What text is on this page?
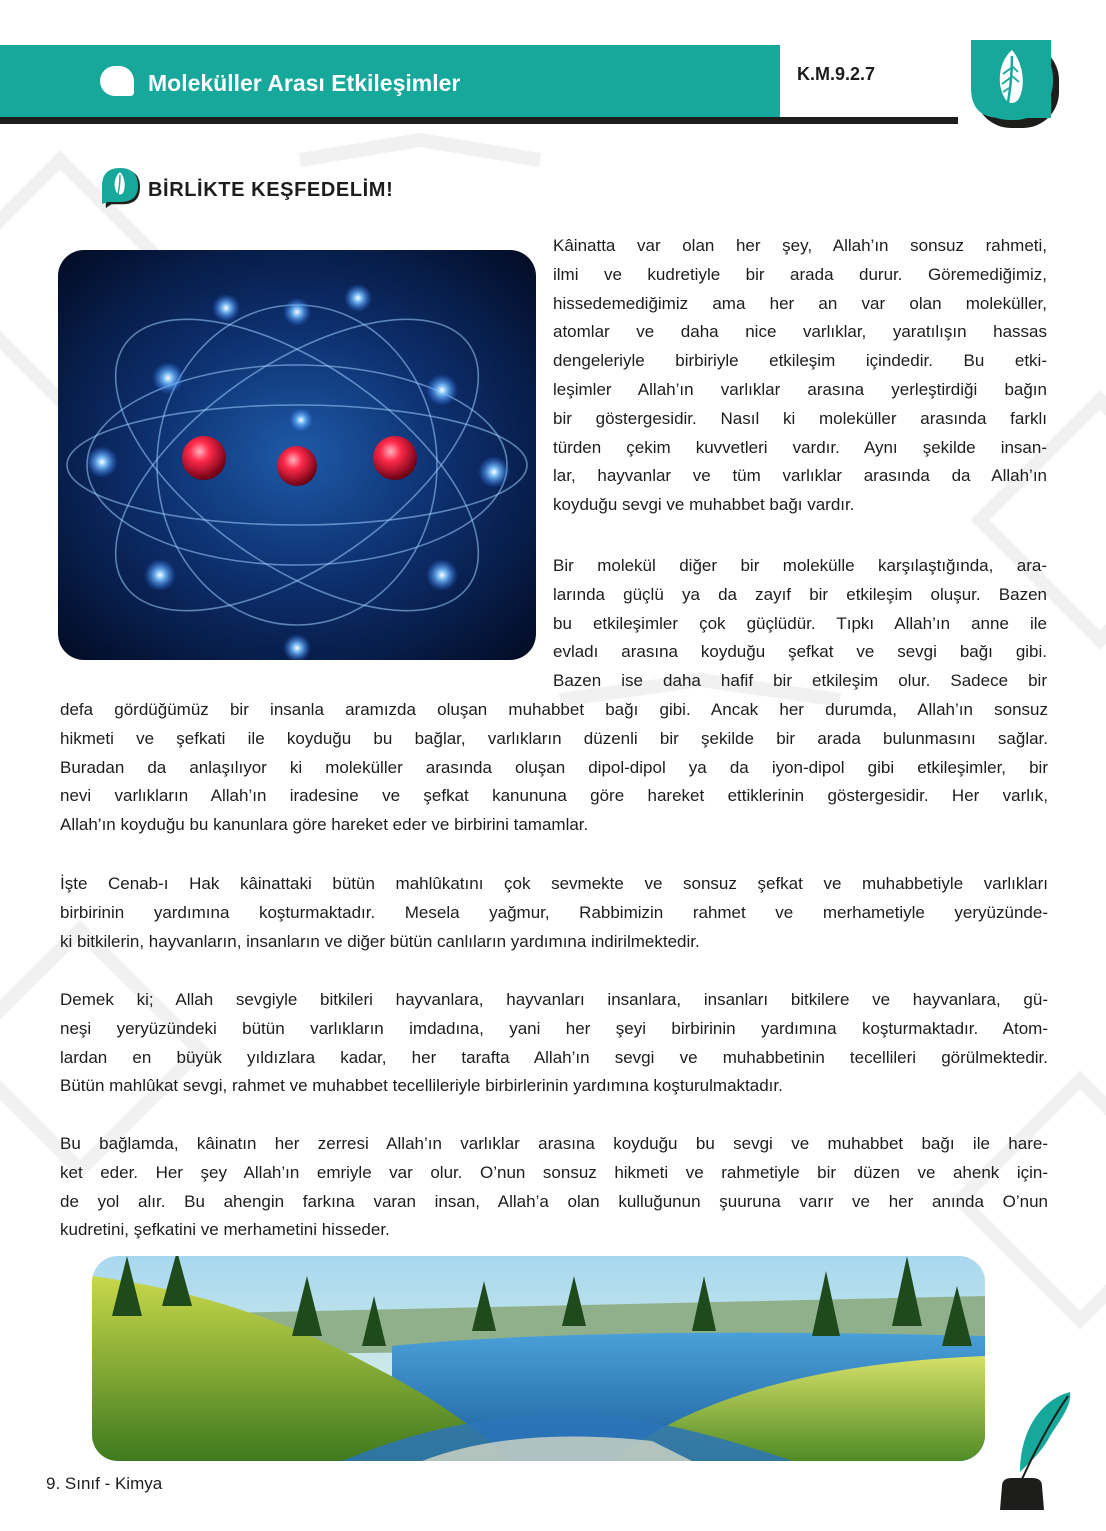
Moleküller Arası Etkileşimler	K.M.9.2.7
BİRLİKTE KEŞFEDELİM!
Kâinatta var olan her şey, Allah’ın sonsuz rahmeti,
ilmi ve kudretiyle bir arada durur. Göremediğimiz,
hissedemediğimiz ama her an var olan moleküller,
atomlar ve daha nice varlıklar, yaratılışın hassas
dengeleriyle birbiriyle etkileşim içindedir. Bu etki-
leşimler Allah’ın varlıklar arasına yerleştirdiği bağın
bir göstergesidir. Nasıl ki moleküller arasında farklı
türden çekim kuvvetleri vardır. Aynı şekilde insan-
lar, hayvanlar ve tüm varlıklar arasında da Allah’ın
koyduğu sevgi ve muhabbet bağı vardır.
Bir molekül diğer bir molekülle karşılaştığında, ara-
larında güçlü ya da zayıf bir etkileşim oluşur. Bazen
bu etkileşimler çok güçlüdür. Tıpkı Allah’ın anne ile
evladı arasına koyduğu şefkat ve sevgi bağı gibi.
Bazen ise daha hafif bir etkileşim olur. Sadece bir
defa gördüğümüz bir insanla aramızda oluşan muhabbet bağı gibi. Ancak her durumda, Allah’ın sonsuz
hikmeti ve şefkati ile koyduğu bu bağlar, varlıkların düzenli bir şekilde bir arada bulunmasını sağlar.
Buradan da anlaşılıyor ki moleküller arasında oluşan dipol-dipol ya da iyon-dipol gibi etkileşimler, bir
nevi varlıkların Allah’ın iradesine ve şefkat kanununa göre hareket ettiklerinin göstergesidir. Her varlık,
Allah’ın koyduğu bu kanunlara göre hareket eder ve birbirini tamamlar.
İşte Cenab-ı Hak kâinattaki bütün mahlûkatını çok sevmekte ve sonsuz şefkat ve muhabbetiyle varlıkları
birbirinin yardımına koşturmaktadır. Mesela yağmur, Rabbimizin rahmet ve merhametiyle yeryüzünde-
ki bitkilerin, hayvanların, insanların ve diğer bütün canlıların yardımına indirilmektedir.
Demek ki; Allah sevgiyle bitkileri hayvanlara, hayvanları insanlara, insanları bitkilere ve hayvanlara, gü-
neşi yeryüzündeki bütün varlıkların imdadına, yani her şeyi birbirinin yardımına koşturmaktadır. Atom-
lardan en büyük yıldızlara kadar, her tarafta Allah’ın sevgi ve muhabbetinin tecellileri görülmektedir.
Bütün mahlûkat sevgi, rahmet ve muhabbet tecellileriyle birbirlerinin yardımına koşturulmaktadır.
Bu bağlamda, kâinatın her zerresi Allah’ın varlıklar arasına koyduğu bu sevgi ve muhabbet bağı ile hare-
ket eder. Her şey Allah’ın emriyle var olur. O’nun sonsuz hikmeti ve rahmetiyle bir düzen ve ahenk için-
de yol alır. Bu ahengin farkına varan insan, Allah’a olan kulluğunun şuuruna varır ve her anında O’nun
kudretini, şefkatini ve merhametini hisseder.
9. Sınıf - Kimya
65
